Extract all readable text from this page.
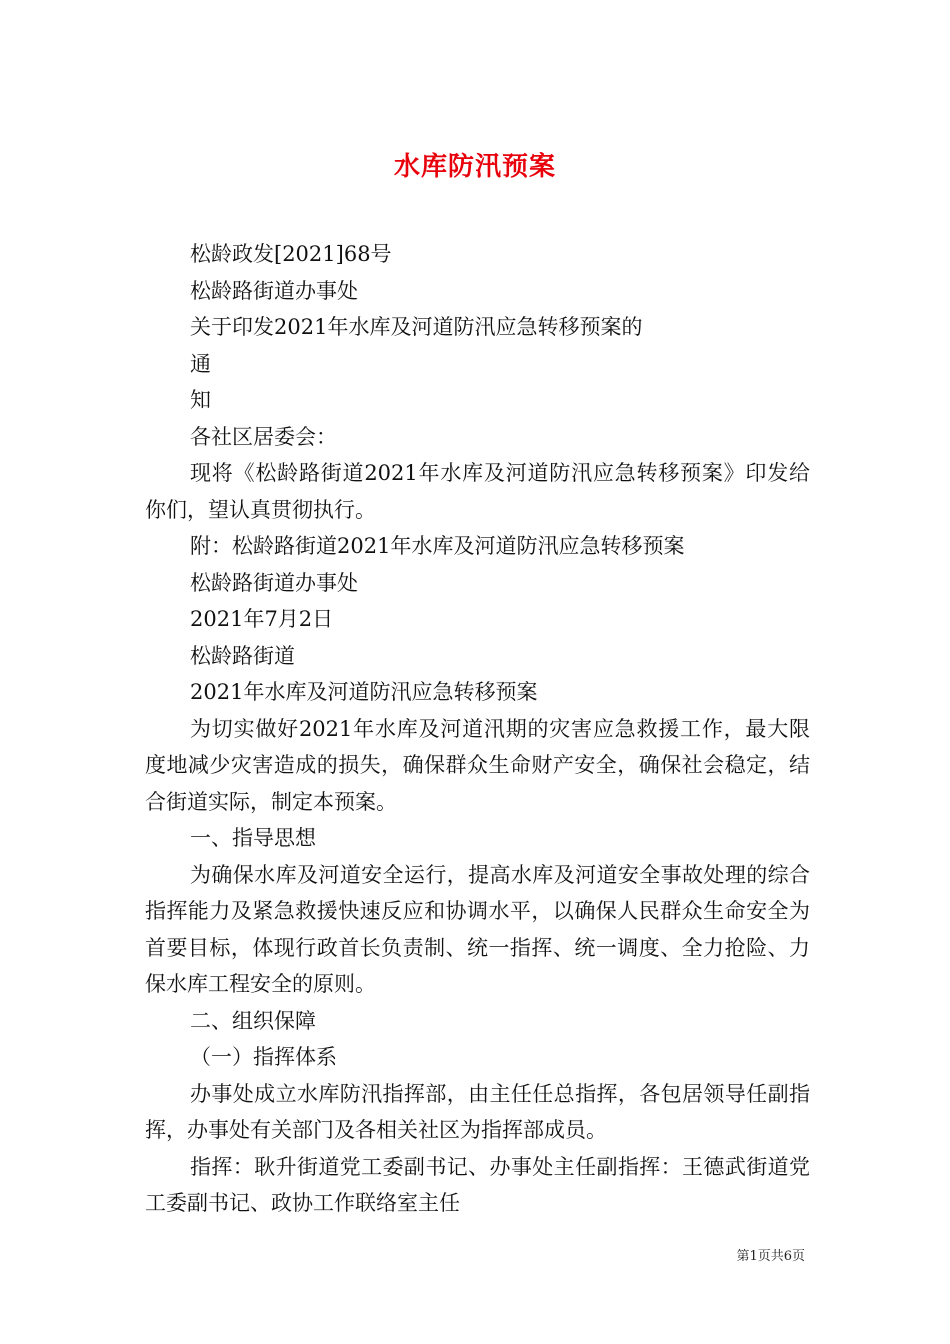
水库防汛预案

松龄政发[2021]68号

松龄路街道办事处

关于印发2021年水库及河道防汛应急转移预案的

通

知

各社区居委会：

现将《松龄路街道2021年水库及河道防汛应急转移预案》印发给你们，望认真贯彻执行。

附：松龄路街道2021年水库及河道防汛应急转移预案

松龄路街道办事处

2021年7月2日

松龄路街道

2021年水库及河道防汛应急转移预案

为切实做好2021年水库及河道汛期的灾害应急救援工作，最大限度地减少灾害造成的损失，确保群众生命财产安全，确保社会稳定，结合街道实际，制定本预案。

一、指导思想

为确保水库及河道安全运行，提高水库及河道安全事故处理的综合指挥能力及紧急救援快速反应和协调水平，以确保人民群众生命安全为首要目标，体现行政首长负责制、统一指挥、统一调度、全力抢险、力保水库工程安全的原则。

二、组织保障

（一）指挥体系

办事处成立水库防汛指挥部，由主任任总指挥，各包居领导任副指挥，办事处有关部门及各相关社区为指挥部成员。

指挥：耿升街道党工委副书记、办事处主任副指挥：王德武街道党工委副书记、政协工作联络室主任

第1页共6页
